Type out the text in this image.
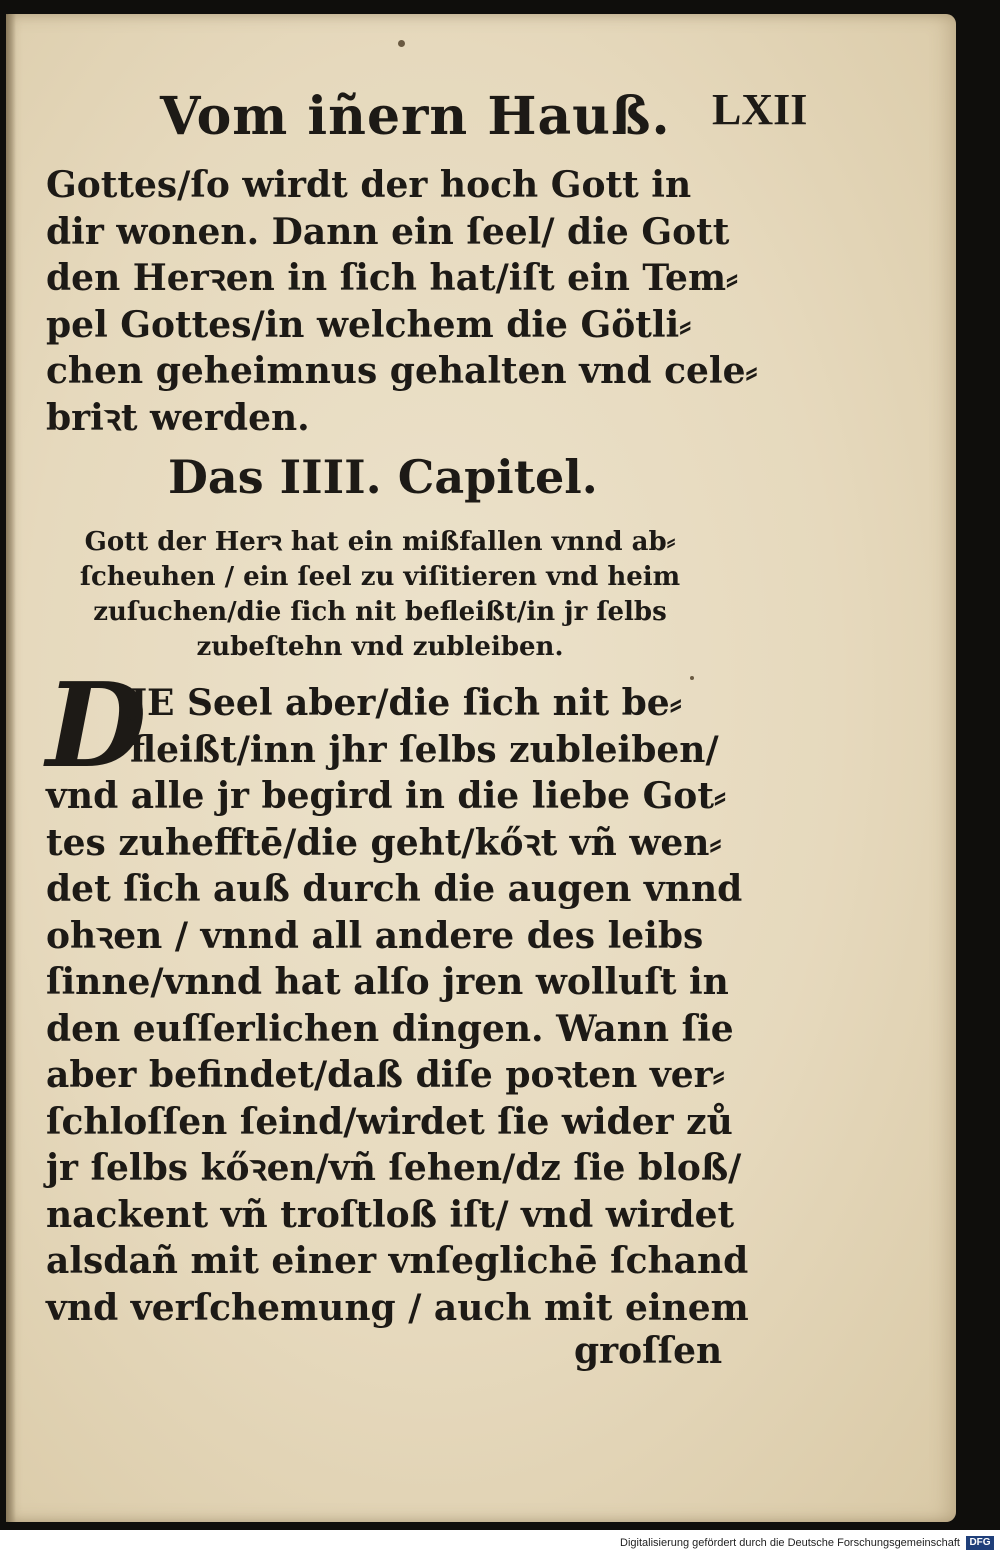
Vom iñern Hauß. LXII
Gottes/ſo wirdt der hoch Gott in
dir wonen. Dann ein ſeel/ die Gott
den Herꝛen in ſich hat/iſt ein Tem⸗
pel Gottes/in welchem die Götli⸗
chen geheimnus gehalten vnd cele⸗
briꝛt werden.
Das IIII. Capitel.
Gott der Herꝛ hat ein mißfallen vnnd ab⸗
ſcheuhen / ein ſeel zu viſitieren vnd heim
zuſuchen/die ſich nit befleißt/in jr ſelbs
zubeſtehn vnd zubleiben.
D
JE Seel aber/die ſich nit be⸗
fleißt/inn jhr ſelbs zubleiben/
vnd alle jr begird in die liebe Got⸗
tes zuhefftē/die geht/kőꝛt vñ wen⸗
det ſich auß durch die augen vnnd
ohꝛen / vnnd all andere des leibs
ſinne/vnnd hat alſo jren wolluſt in
den euſſerlichen dingen. Wann ſie
aber befindet/daß diſe poꝛten ver⸗
ſchloſſen ſeind/wirdet ſie wider zů
jr ſelbs kőꝛen/vñ ſehen/dz ſie bloß/
nackent vñ troſtloß iſt/ vnd wirdet
alsdañ mit einer vnſeglichē ſchand
vnd verſchemung / auch mit einem
groſſen
Digitalisierung gefördert durch die Deutsche Forschungsgemeinschaft DFG
